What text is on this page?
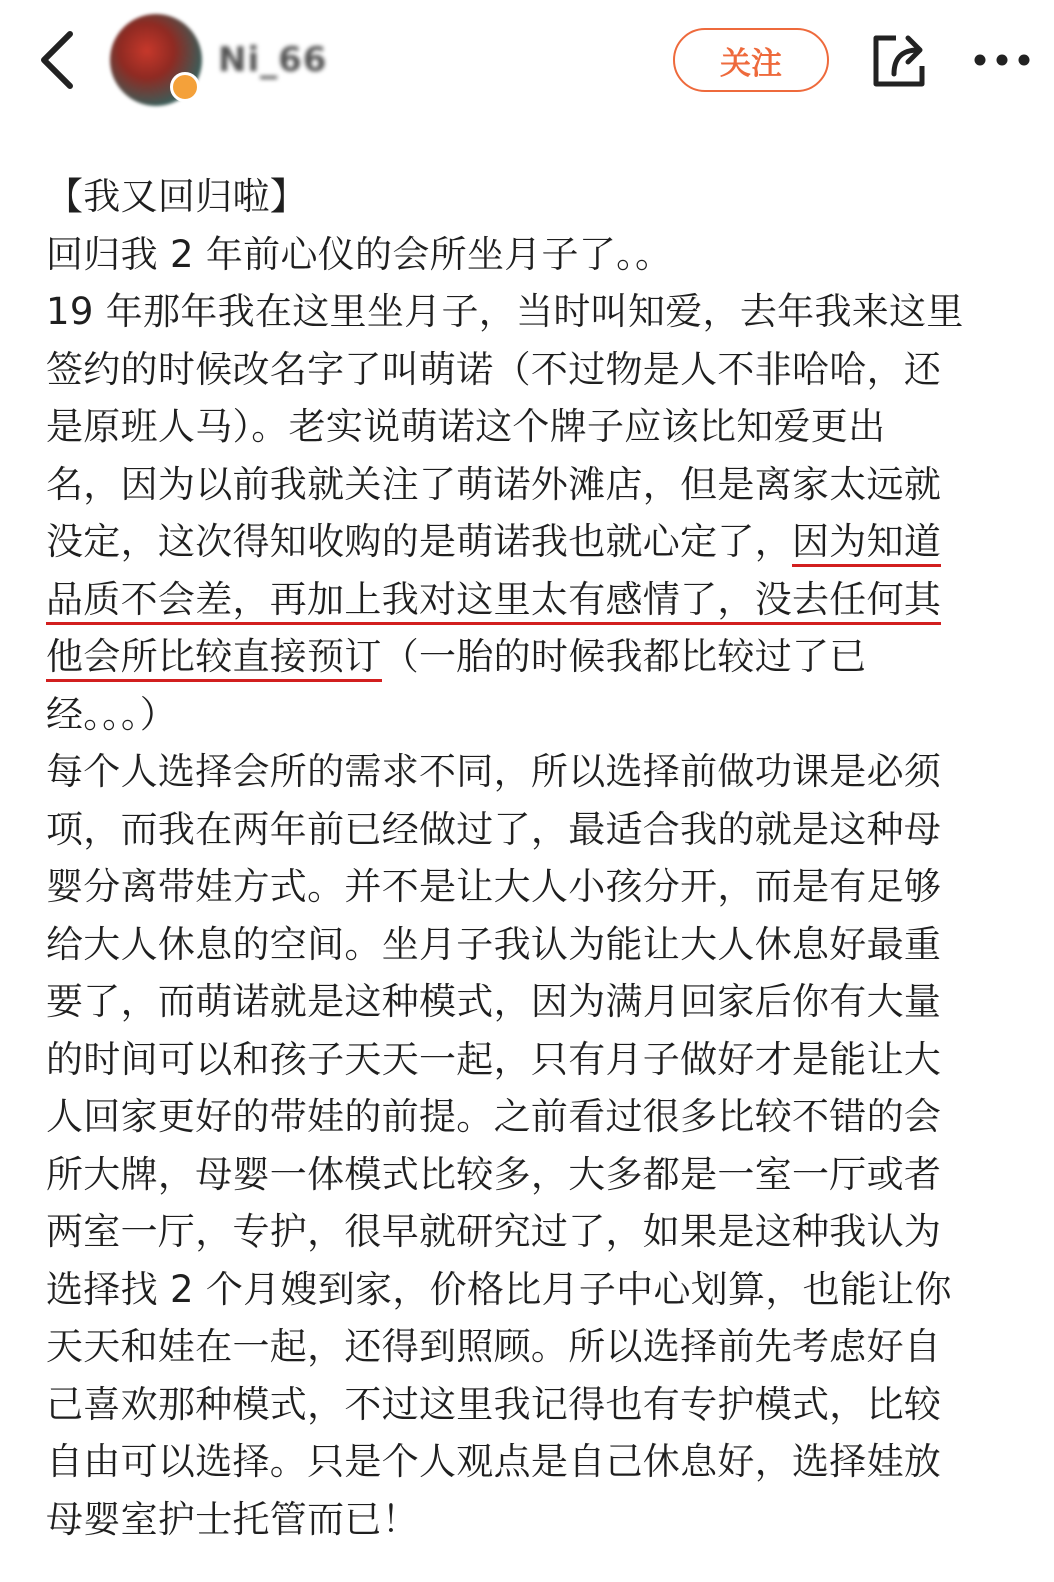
Ni_66	关注
【我又回归啦】
回归我 2 年前心仪的会所坐月子了。。
19 年那年我在这里坐月子，当时叫知爱，去年我来这里
签约的时候改名字了叫萌诺（不过物是人不非哈哈，还
是原班人马）。老实说萌诺这个牌子应该比知爱更出
名，因为以前我就关注了萌诺外滩店，但是离家太远就
没定，这次得知收购的是萌诺我也就心定了，因为知道
品质不会差，再加上我对这里太有感情了，没去任何其
他会所比较直接预订（一胎的时候我都比较过了已
经。。。）
每个人选择会所的需求不同，所以选择前做功课是必须
项，而我在两年前已经做过了，最适合我的就是这种母
婴分离带娃方式。并不是让大人小孩分开，而是有足够
给大人休息的空间。坐月子我认为能让大人休息好最重
要了，而萌诺就是这种模式，因为满月回家后你有大量
的时间可以和孩子天天一起，只有月子做好才是能让大
人回家更好的带娃的前提。之前看过很多比较不错的会
所大牌，母婴一体模式比较多，大多都是一室一厅或者
两室一厅，专护，很早就研究过了，如果是这种我认为
选择找 2 个月嫂到家，价格比月子中心划算，也能让你
天天和娃在一起，还得到照顾。所以选择前先考虑好自
己喜欢那种模式，不过这里我记得也有专护模式，比较
自由可以选择。只是个人观点是自己休息好，选择娃放
母婴室护士托管而已！
